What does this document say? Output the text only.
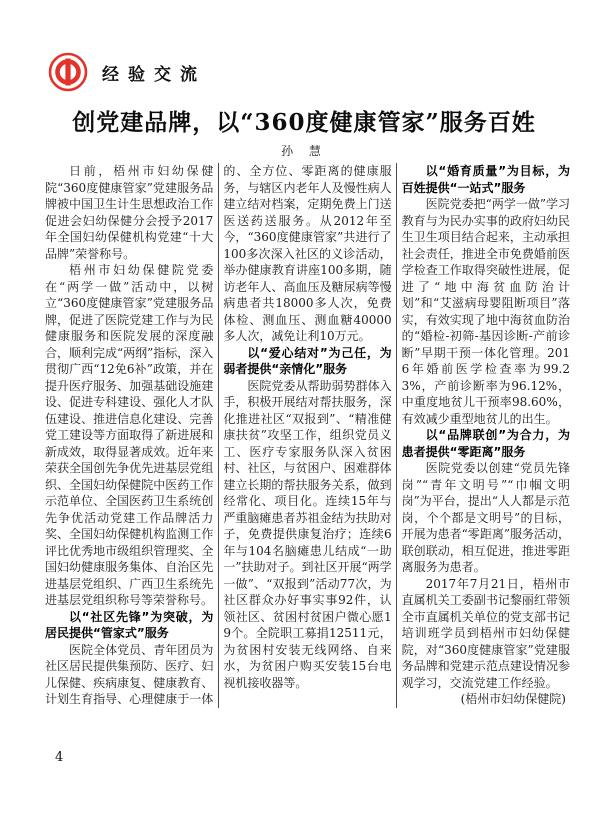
经验交流
创党建品牌，以“360度健康管家”服务百姓
孙 慧

日前，梧州市妇幼保健院“360度健康管家”党建服务品牌被中国卫生计生思想政治工作促进会妇幼保健分会授予2017年全国妇幼保健机构党建“十大品牌”荣誉称号。

梧州市妇幼保健院党委在“两学一做”活动中，以树立“360度健康管家”党建服务品牌，促进了医院党建工作与为民健康服务和医院发展的深度融合，顺利完成“两纲”指标，深入贯彻广西“12免6补”政策，并在提升医疗服务、加强基础设施建设、促进专科建设、强化人才队伍建设、推进信息化建设、完善党工建设等方面取得了新进展和新成效，取得显著成效。近年来荣获全国创先争优先进基层党组织、全国妇幼保健院中医药工作示范单位、全国医药卫生系统创先争优活动党建工作品牌活力奖、全国妇幼保健机构监测工作评比优秀地市级组织管理奖、全国妇幼健康服务集体、自治区先进基层党组织、广西卫生系统先进基层党组织称号等荣誉称号。

以“社区先锋”为突破，为居民提供“管家式”服务

医院全体党员、青年团员为社区居民提供集预防、医疗、妇儿保健、疾病康复、健康教育、计划生育指导、心理健康于一体的、全方位、零距离的健康服务，与辖区内老年人及慢性病人建立结对档案，定期免费上门送医送药送服务。从2012年至今，“360度健康管家”共进行了100多次深入社区的义诊活动，举办健康教育讲座100多期，随访老年人、高血压及糖尿病等慢病患者共18000多人次，免费体检、测血压、测血糖40000多人次，减免让利10万元。

以“爱心结对”为己任，为弱者提供“亲情化”服务

医院党委从帮助弱势群体入手，积极开展结对帮扶服务，深化推进社区“双报到”、“精准健康扶贫”攻坚工作，组织党员义工、医疗专家服务队深入贫困村、社区，与贫困户、困难群体建立长期的帮扶服务关系，做到经常化、项目化。连续15年与严重脑瘫患者苏祖金结为扶助对子，免费提供康复治疗；连续6年与104名脑瘫患儿结成“一助一”扶助对子。到社区开展“两学一做”、“双报到”活动77次，为社区群众办好事实事92件，认领社区、贫困村贫困户微心愿19个。全院职工募捐12511元，为贫困村安装无线网络、自来水，为贫困户购买安装15台电视机接收器等。

以“婚育质量”为目标，为百姓提供“一站式”服务

医院党委把“两学一做”学习教育与为民办实事的政府妇幼民生卫生项目结合起来，主动承担社会责任，推进全市免费婚前医学检查工作取得突破性进展，促进了“地中海贫血防治计划”和“艾滋病母婴阻断项目”落实，有效实现了地中海贫血防治的“婚检-初筛-基因诊断-产前诊断”早期干预一体化管理。2016年婚前医学检查率为99.23%，产前诊断率为96.12%，中重度地贫儿干预率98.60%，有效减少重型地贫儿的出生。

以“品牌联创”为合力，为患者提供“零距离”服务

医院党委以创建“党员先锋岗”“青年文明号”“巾帼文明岗”为平台，提出“人人都是示范岗，个个都是文明号”的目标，开展为患者“零距离”服务活动，联创联动，相互促进，推进零距离服务为患者。

2017年7月21日，梧州市直属机关工委副书记黎丽红带领全市直属机关单位的党支部书记培训班学员到梧州市妇幼保健院，对“360度健康管家”党建服务品牌和党建示范点建设情况参观学习，交流党建工作经验。

(梧州市妇幼保健院)

4
